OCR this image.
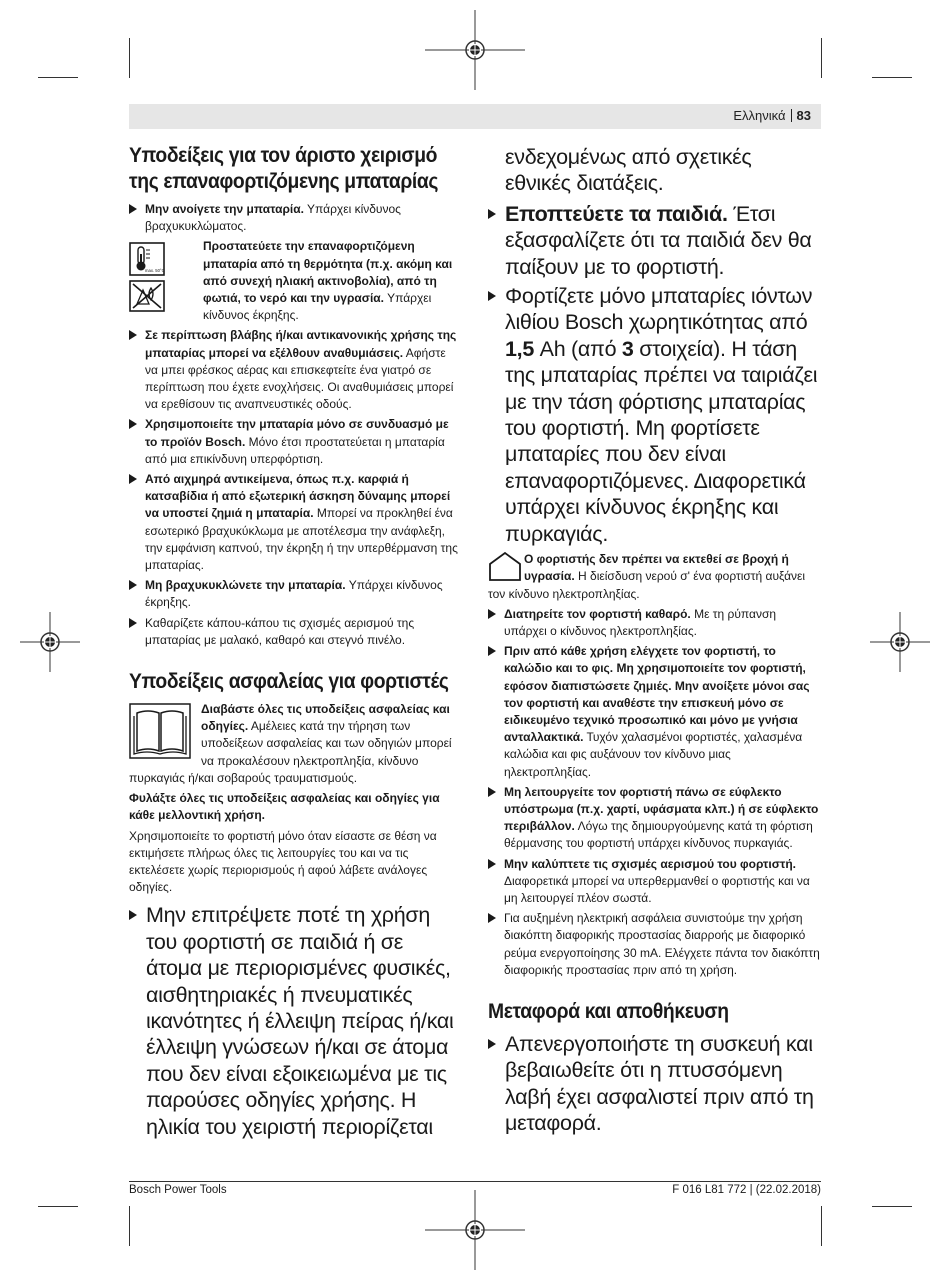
Ελληνικά 83
Υποδείξεις για τον άριστο χειρισμό της επαναφορτιζόμενης μπαταρίας
Μην ανοίγετε την μπαταρία. Υπάρχει κίνδυνος βραχυκυκλώματος.
max. 50°C
Προστατεύετε την επαναφορτιζόμενη μπαταρία από τη θερμότητα (π.χ. ακόμη και από συνεχή ηλιακή ακτινοβολία), από τη φωτιά, το νερό και την υγρασία. Υπάρχει κίνδυνος έκρηξης.
Σε περίπτωση βλάβης ή/και αντικανονικής χρήσης της μπαταρίας μπορεί να εξέλθουν αναθυμιάσεις. Αφήστε να μπει φρέσκος αέρας και επισκεφτείτε ένα γιατρό σε περίπτωση που έχετε ενοχλήσεις. Οι αναθυμιάσεις μπορεί να ερεθίσουν τις αναπνευστικές οδούς.
Χρησιμοποιείτε την μπαταρία μόνο σε συνδυασμό με το προϊόν Bosch. Μόνο έτσι προστατεύεται η μπαταρία από μια επικίνδυνη υπερφόρτιση.
Από αιχμηρά αντικείμενα, όπως π.χ. καρφιά ή κατσαβίδια ή από εξωτερική άσκηση δύναμης μπορεί να υποστεί ζημιά η μπαταρία. Μπορεί να προκληθεί ένα εσωτερικό βραχυκύκλωμα με αποτέλεσμα την ανάφλεξη, την εμφάνιση καπνού, την έκρηξη ή την υπερθέρμανση της μπαταρίας.
Μη βραχυκυκλώνετε την μπαταρία. Υπάρχει κίνδυνος έκρηξης.
Καθαρίζετε κάπου-κάπου τις σχισμές αερισμού της μπαταρίας με μαλακό, καθαρό και στεγνό πινέλο.
Υποδείξεις ασφαλείας για φορτιστές
Διαβάστε όλες τις υποδείξεις ασφαλείας και οδηγίες. Αμέλειες κατά την τήρηση των υποδείξεων ασφαλείας και των οδηγιών μπορεί να προκαλέσουν ηλεκτροπληξία, κίνδυνο πυρκαγιάς ή/και σοβαρούς τραυματισμούς.

Φυλάξτε όλες τις υποδείξεις ασφαλείας και οδηγίες για κάθε μελλοντική χρήση.

Χρησιμοποιείτε το φορτιστή μόνο όταν είσαστε σε θέση να εκτιμήσετε πλήρως όλες τις λειτουργίες του και να τις εκτελέσετε χωρίς περιορισμούς ή αφού λάβετε ανάλογες οδηγίες.

Μην επιτρέψετε ποτέ τη χρήση του φορτιστή σε παιδιά ή σε άτομα με περιορισμένες φυσικές, αισθητηριακές ή πνευματικές ικανότητες ή έλλειψη πείρας ή/και έλλειψη γνώσεων ή/και σε άτομα που δεν είναι εξοικειωμένα με τις παρούσες οδηγίες χρήσης. Η ηλικία του χειριστή περιορίζεται

ενδεχομένως από σχετικές εθνικές διατάξεις.

Εποπτεύετε τα παιδιά. Έτσι εξασφαλίζετε ότι τα παιδιά δεν θα παίξουν με το φορτιστή.
Φορτίζετε μόνο μπαταρίες ιόντων λιθίου Bosch χωρητικότητας από 1,5 Ah (από 3 στοιχεία). Η τάση της μπαταρίας πρέπει να ταιριάζει με την τάση φόρτισης μπαταρίας του φορτιστή. Μη φορτίσετε μπαταρίες που δεν είναι επαναφορτιζόμενες. Διαφορετικά υπάρχει κίνδυνος έκρηξης και πυρκαγιάς.
Ο φορτιστής δεν πρέπει να εκτεθεί σε βροχή ή υγρασία. Η διείσδυση νερού σ' ένα φορτιστή αυξάνει τον κίνδυνο ηλεκτροπληξίας.
Διατηρείτε τον φορτιστή καθαρό. Με τη ρύπανση υπάρχει ο κίνδυνος ηλεκτροπληξίας.
Πριν από κάθε χρήση ελέγχετε τον φορτιστή, το καλώδιο και το φις. Μη χρησιμοποιείτε τον φορτιστή, εφόσον διαπιστώσετε ζημιές. Μην ανοίξετε μόνοι σας τον φορτιστή και αναθέστε την επισκευή μόνο σε ειδικευμένο τεχνικό προσωπικό και μόνο με γνήσια ανταλλακτικά. Τυχόν χαλασμένοι φορτιστές, χαλασμένα καλώδια και φις αυξάνουν τον κίνδυνο μιας ηλεκτροπληξίας.
Μη λειτουργείτε τον φορτιστή πάνω σε εύφλεκτο υπόστρωμα (π.χ. χαρτί, υφάσματα κλπ.) ή σε εύφλεκτο περιβάλλον. Λόγω της δημιουργούμενης κατά τη φόρτιση θέρμανσης του φορτιστή υπάρχει κίνδυνος πυρκαγιάς.
Μην καλύπτετε τις σχισμές αερισμού του φορτιστή. Διαφορετικά μπορεί να υπερθερμανθεί ο φορτιστής και να μη λειτουργεί πλέον σωστά.
Για αυξημένη ηλεκτρική ασφάλεια συνιστούμε την χρήση διακόπτη διαφορικής προστασίας διαρροής με διαφορικό ρεύμα ενεργοποίησης 30 mA. Ελέγχετε πάντα τον διακόπτη διαφορικής προστασίας πριν από τη χρήση.
Μεταφορά και αποθήκευση
Απενεργοποιήστε τη συσκευή και βεβαιωθείτε ότι η πτυσσόμενη λαβή έχει ασφαλιστεί πριν από τη μεταφορά.
Bosch Power Tools	F 016 L81 772 | (22.02.2018)
